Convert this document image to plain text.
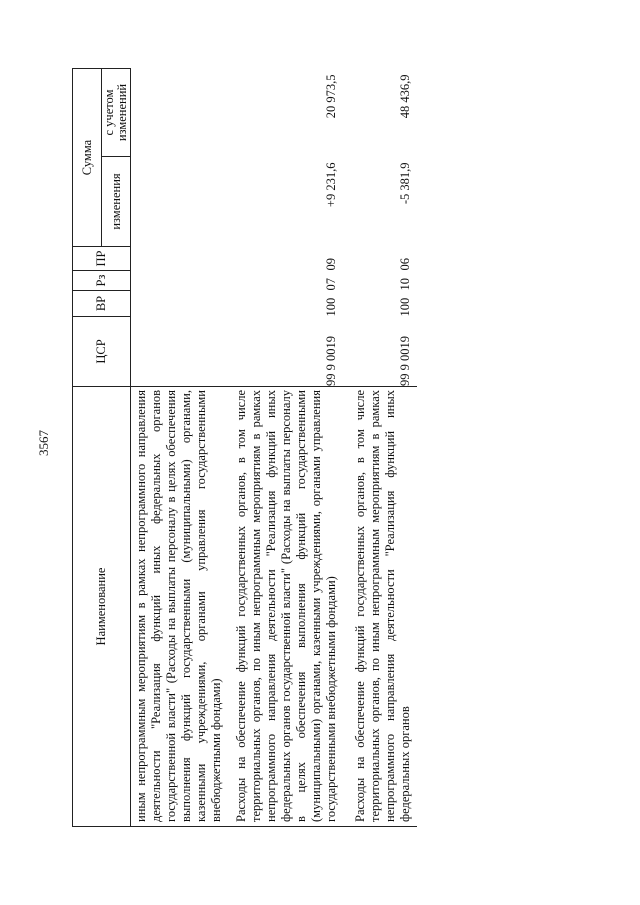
3567
Наименование	ЦСР	ВР	Рз	ПР	Сумма	
					изменения	с учетом изменений

иным непрограммным мероприятиям в рамках непрограммного направления деятельности "Реализация функций иных федеральных органов государственной власти" (Расходы на выплаты персоналу в целях обеспечения выполнения функций государственными (муниципальными) органами, казенными учреждениями, органами управления государственными внебюджетными фондами)						

Расходы на обеспечение функций государственных органов, в том числе территориальных органов, по иным непрограммным мероприятиям в рамках непрограммного направления деятельности "Реализация функций иных федеральных органов государственной власти" (Расходы на выплаты персоналу в целях обеспечения выполнения функций государственными (муниципальными) органами, казенными учреждениями, органами управления государственными внебюджетными фондами)	99 9 0019	100	07	09	+9 231,6	20 973,5

Расходы на обеспечение функций государственных органов, в том числе территориальных органов, по иным непрограммным мероприятиям в рамках непрограммного направления деятельности "Реализация функций иных федеральных органов	99 9 0019	100	10	06	-5 381,9	48 436,9
